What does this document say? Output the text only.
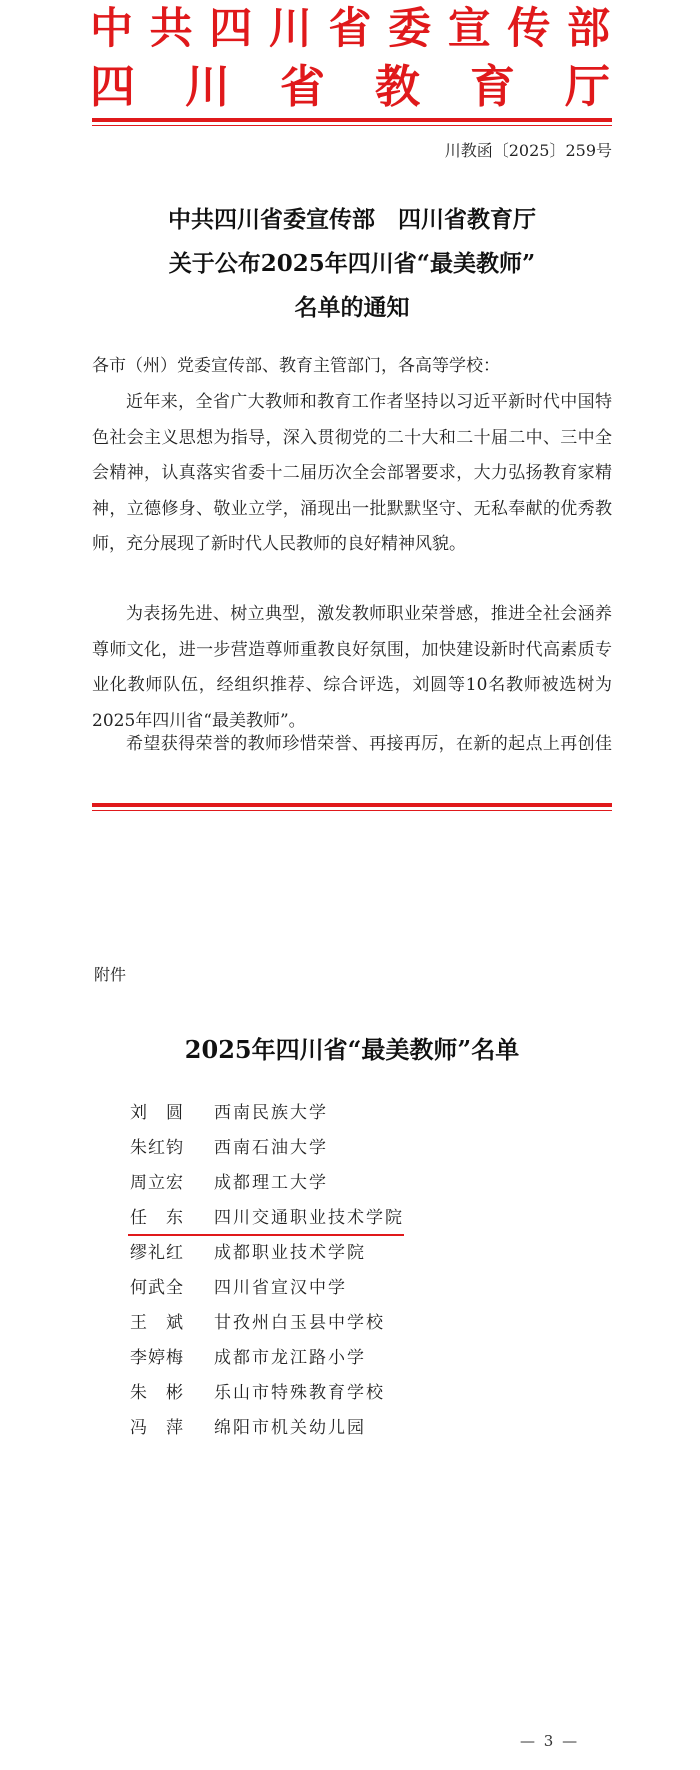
中共四川省委宣传部
四川省教育厅
川教函〔2025〕259号
中共四川省委宣传部　四川省教育厅
关于公布2025年四川省“最美教师”
名单的通知
各市（州）党委宣传部、教育主管部门，各高等学校：
近年来，全省广大教师和教育工作者坚持以习近平新时代中国特色社会主义思想为指导，深入贯彻党的二十大和二十届二中、三中全会精神，认真落实省委十二届历次全会部署要求，大力弘扬教育家精神，立德修身、敬业立学，涌现出一批默默坚守、无私奉献的优秀教师，充分展现了新时代人民教师的良好精神风貌。
为表扬先进、树立典型，激发教师职业荣誉感，推进全社会涵养尊师文化，进一步营造尊师重教良好氛围，加快建设新时代高素质专业化教师队伍，经组织推荐、综合评选，刘圆等10名教师被选树为2025年四川省“最美教师”。
希望获得荣誉的教师珍惜荣誉、再接再厉，在新的起点上再创佳
附件
2025年四川省“最美教师”名单
刘　圆 西南民族大学
朱红钧 西南石油大学
周立宏 成都理工大学
任　东 四川交通职业技术学院
缪礼红 成都职业技术学院
何武全 四川省宣汉中学
王　斌 甘孜州白玉县中学校
李婷梅 成都市龙江路小学
朱　彬 乐山市特殊教育学校
冯　萍 绵阳市机关幼儿园
— 3 —
